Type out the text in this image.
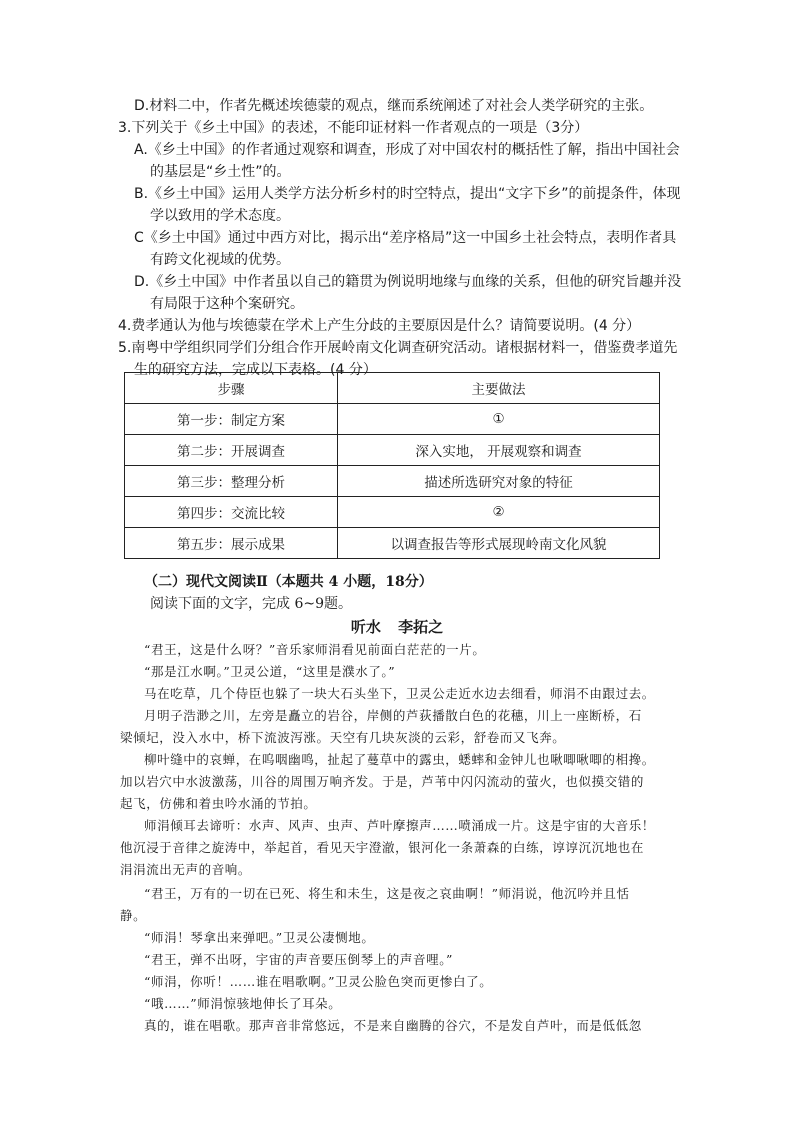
D.材料二中，作者先概述埃德蒙的观点，继而系统阐述了对社会人类学研究的主张。
3.下列关于《乡土中国》的表述，不能印证材料一作者观点的一项是（3分）
A.《乡土中国》的作者通过观察和调查，形成了对中国农村的概括性了解，指出中国社会
的基层是“乡土性”的。
B.《乡土中国》运用人类学方法分析乡村的时空特点，提出“文字下乡”的前提条件，体现
学以致用的学术态度。
C《乡土中国》通过中西方对比，揭示出“差序格局”这一中国乡土社会特点，表明作者具
有跨文化视域的优势。
D.《乡土中国》中作者虽以自己的籍贯为例说明地缘与血缘的关系，但他的研究旨趣并没
有局限于这种个案研究。
4.费孝通认为他与埃德蒙在学术上产生分歧的主要原因是什么？请简要说明。(4 分）
5.南粤中学组织同学们分组合作开展岭南文化调查研究活动。诸根据材料一，借鉴费孝道先
生的研究方法，完成以下表格。(4 分）
步骤	主要做法
第一步：制定方案	①
第二步：开展调查	深入实地， 开展观察和调查
第三步：整理分析	描述所选研究对象的特征
第四步：交流比较	②
第五步：展示成果	以调查报告等形式展现岭南文化风貌
（二）现代文阅读Ⅱ（本题共 4 小题，18分）
阅读下面的文字，完成 6~9题。
听水 李拓之
“君王，这是什么呀？”音乐家师涓看见前面白茫茫的一片。
“那是江水啊。”卫灵公道，“这里是濮水了。”
马在吃草，几个侍臣也躲了一块大石头坐下，卫灵公走近水边去细看，师涓不由跟过去。
月明子浩渺之川，左旁是矗立的岩谷，岸侧的芦荻播散白色的花穗，川上一座断桥，石
梁倾圮，没入水中，桥下流波泻涨。天空有几块灰淡的云彩，舒卷而又飞奔。
柳叶缝中的哀蝉，在呜咽幽鸣，扯起了蔓草中的露虫，蟋蟀和金钟儿也啾唧啾唧的相搀。
加以岩穴中水波激荡，川谷的周围万响齐发。于是，芦苇中闪闪流动的萤火，也似摸交错的
起飞，仿佛和着虫吟水涌的节拍。
师涓倾耳去谛听：水声、风声、虫声、芦叶摩擦声……喷涌成一片。这是宇宙的大音乐！
他沉浸于音律之旋涛中，举起首，看见天宇澄澈，银河化一条萧森的白练，谆谆沉沉地也在
涓涓流出无声的音响。
“君王，万有的一切在已死、将生和未生，这是夜之哀曲啊！”师涓说，他沉吟并且恬
静。
“师涓！琴拿出来弹吧。”卫灵公凄恻地。
“君王，弹不出呀，宇宙的声音要压倒琴上的声音哩。”
“师涓，你听！……谁在唱歌啊。”卫灵公脸色突而更惨白了。
“哦……”师涓惊骇地伸长了耳朵。
真的，谁在唱歌。那声音非常悠远，不是来自幽腾的谷穴，不是发自芦叶，而是低低忽
